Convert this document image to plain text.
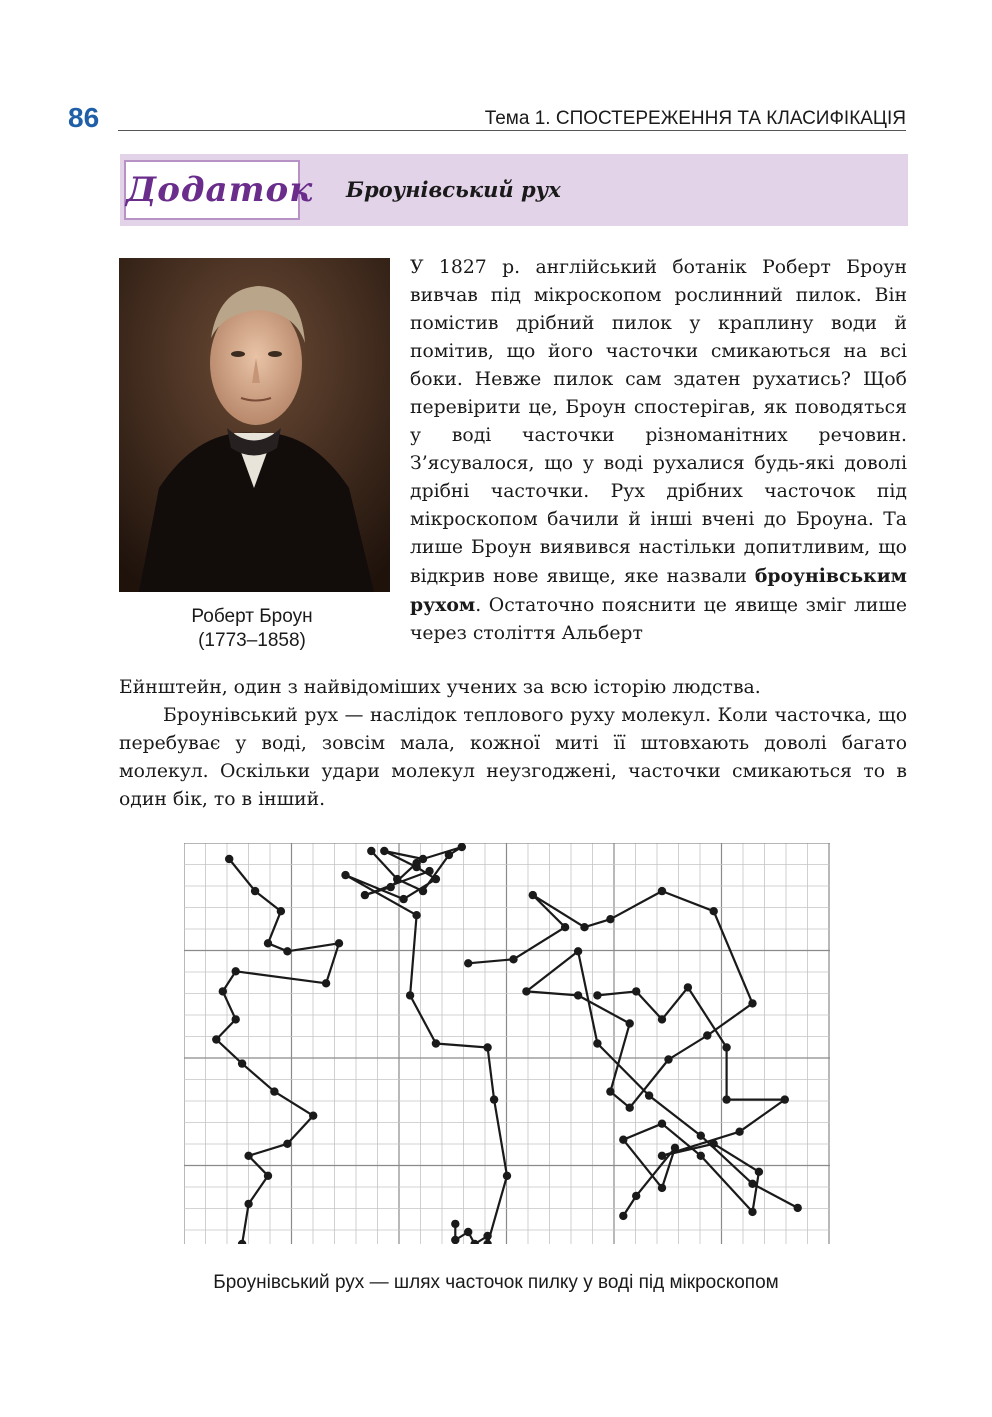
86	Тема 1. СПОСТЕРЕЖЕННЯ ТА КЛАСИФІКАЦІЯ
Додаток Броунівський рух
Роберт Броун
(1773–1858)

У 1827 р. англійський ботанік Роберт Броун вивчав під мікроскопом рослинний пилок. Він помістив дрібний пилок у краплину води й помітив, що його часточки смикаються на всі боки. Невже пилок сам здатен рухатись? Щоб перевірити це, Броун спостерігав, як поводяться у воді часточки різноманітних речовин. З’ясувалося, що у воді рухалися будь-які доволі дрібні часточки. Рух дрібних часточок під мікроскопом бачили й інші вчені до Броуна. Та лише Броун виявився настільки допитливим, що відкрив нове явище, яке назвали броунівським рухом. Остаточно пояснити це явище зміг лише через століття Альберт

Ейнштейн, один з найвідоміших учених за всю історію людства.

Броунівський рух — наслідок теплового руху молекул. Коли часточка, що перебуває у воді, зовсім мала, кожної миті її штовхають доволі багато молекул. Оскільки удари молекул неузгоджені, часточки смикаються то в один бік, то в інший.

Броунівський рух — шлях часточок пилку у воді під мікроскопом
